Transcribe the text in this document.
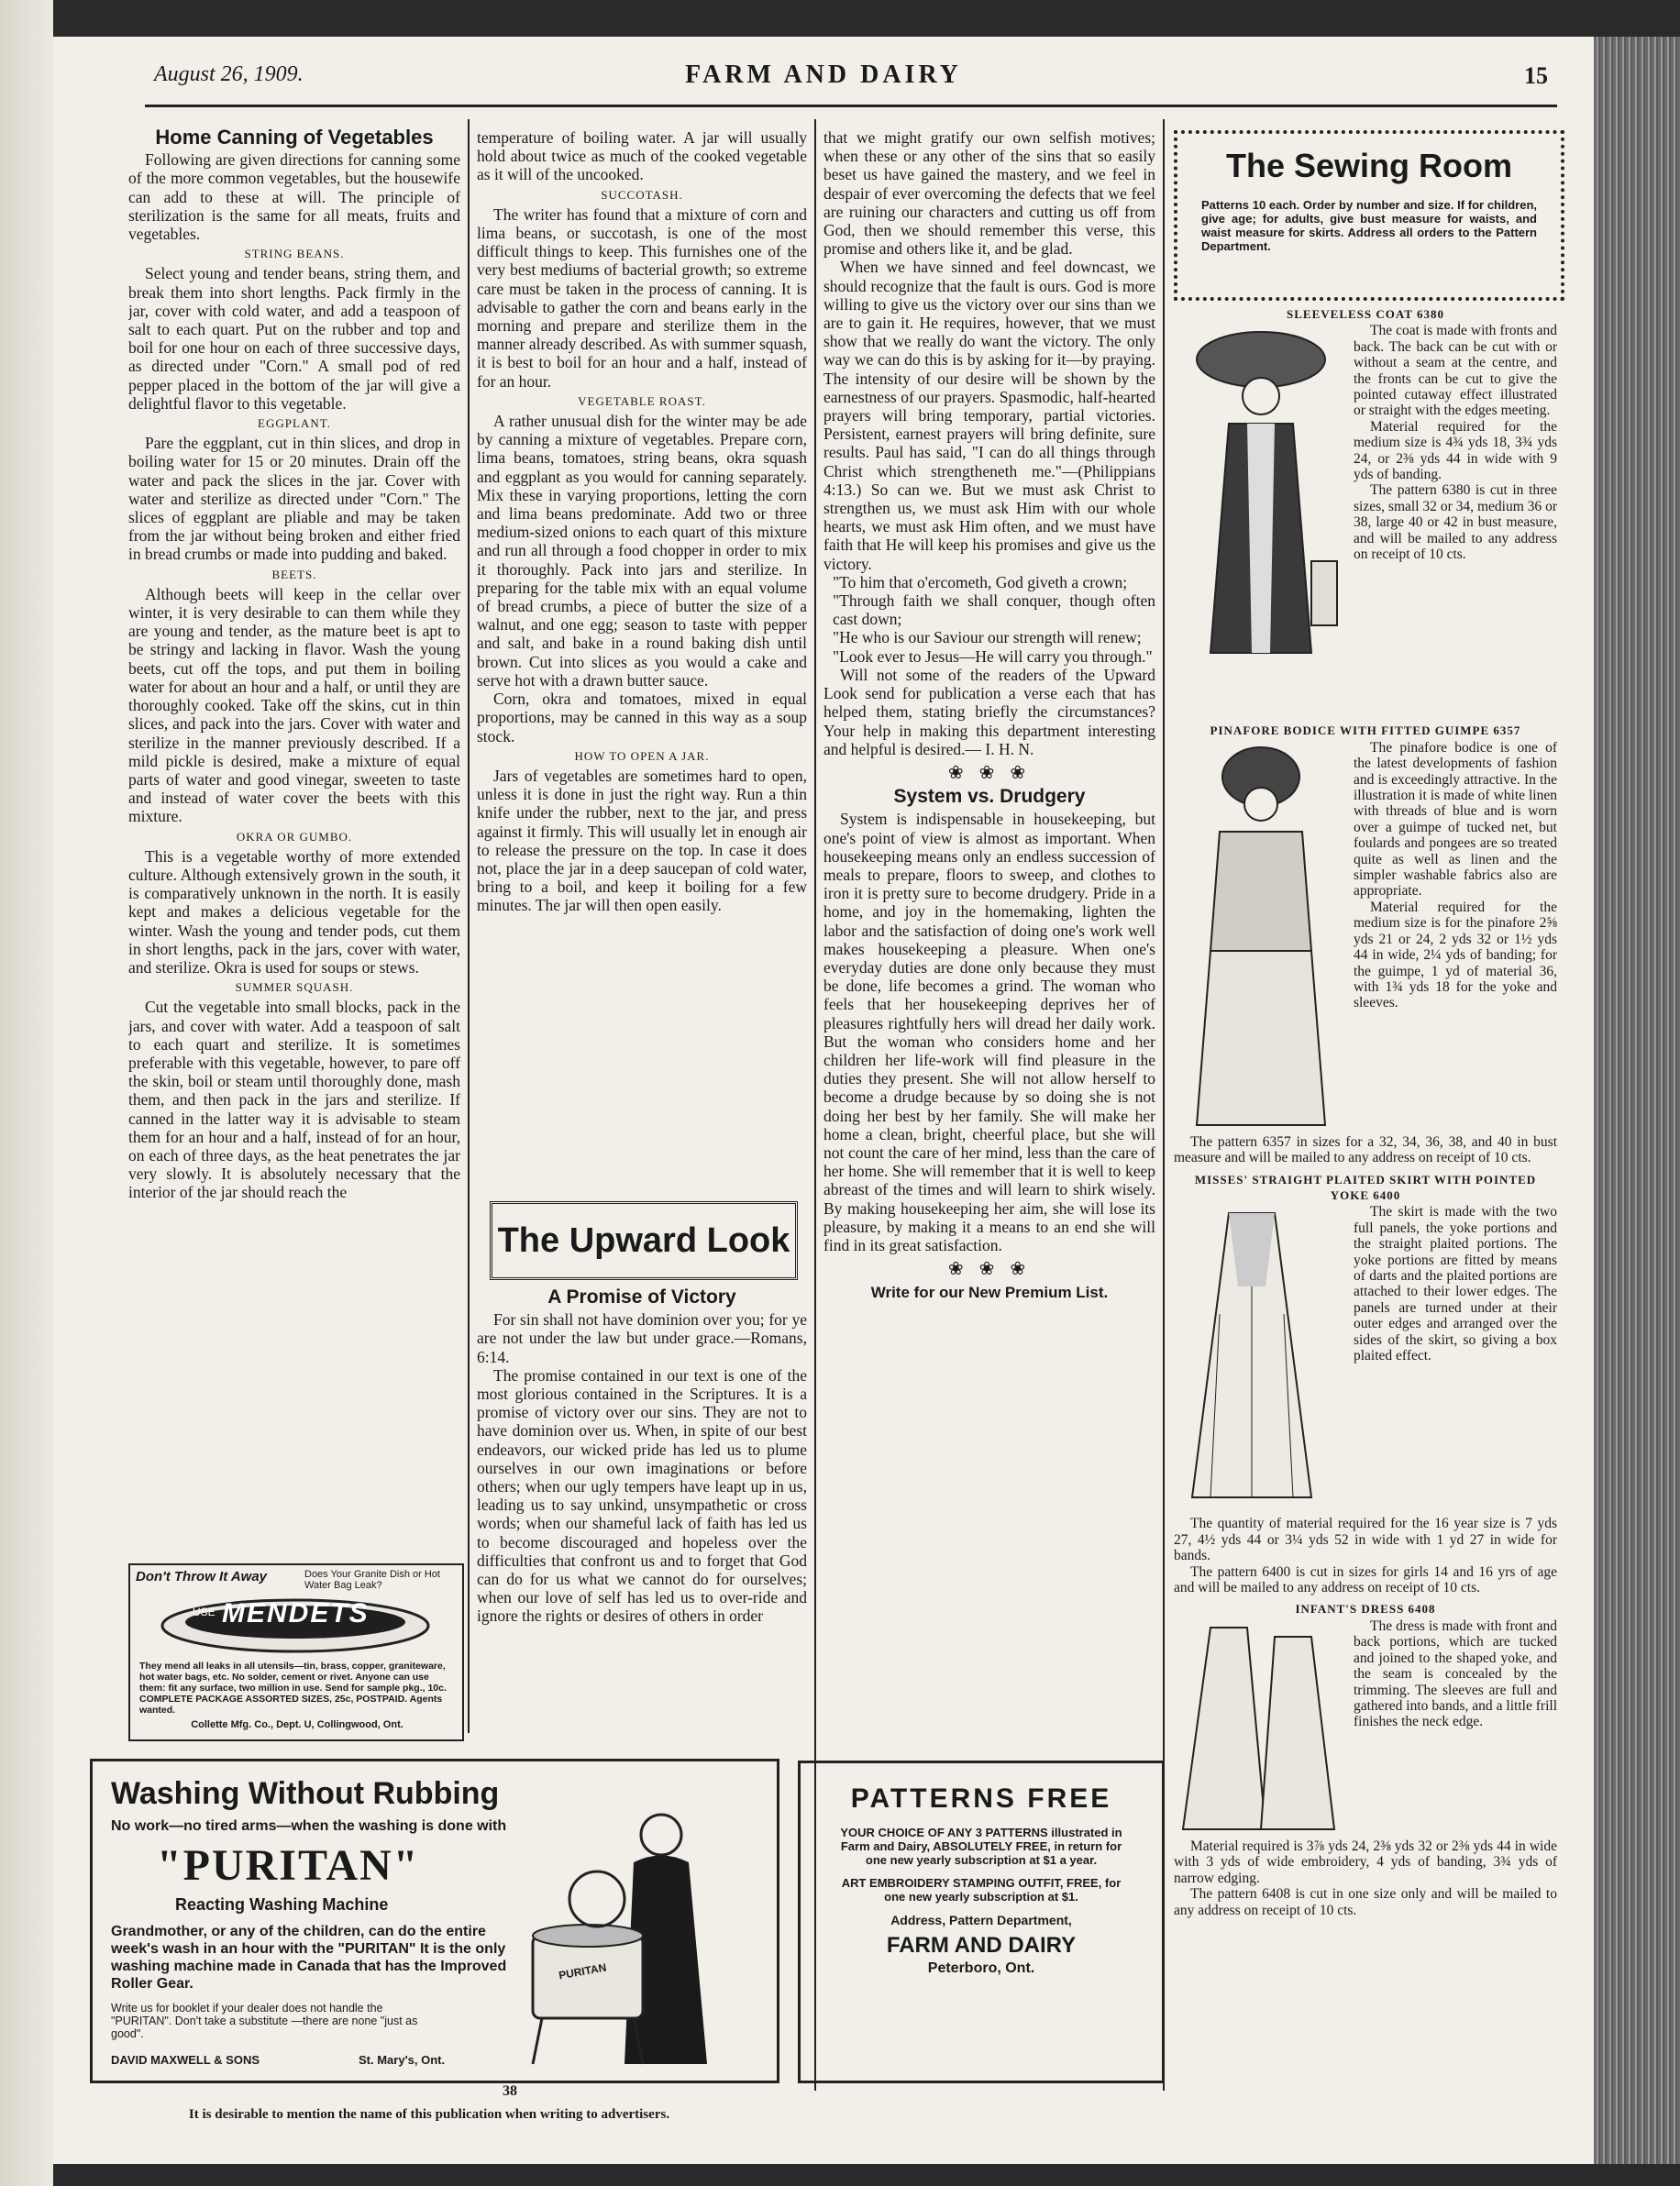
August 26, 1909.	FARM AND DAIRY	15
Home Canning of Vegetables

Following are given directions for canning some of the more common vegetables, but the housewife can add to these at will. The principle of sterilization is the same for all meats, fruits and vegetables.

STRING BEANS.

Select young and tender beans, string them, and break them into short lengths. Pack firmly in the jar, cover with cold water, and add a teaspoon of salt to each quart. Put on the rubber and top and boil for one hour on each of three successive days, as directed under "Corn." A small pod of red pepper placed in the bottom of the jar will give a delightful flavor to this vegetable.

EGGPLANT.

Pare the eggplant, cut in thin slices, and drop in boiling water for 15 or 20 minutes. Drain off the water and pack the slices in the jar. Cover with water and sterilize as directed under "Corn." The slices of eggplant are pliable and may be taken from the jar without being broken and either fried in bread crumbs or made into pudding and baked.

BEETS.

Although beets will keep in the cellar over winter, it is very desirable to can them while they are young and tender, as the mature beet is apt to be stringy and lacking in flavor. Wash the young beets, cut off the tops, and put them in boiling water for about an hour and a half, or until they are thoroughly cooked. Take off the skins, cut in thin slices, and pack into the jars. Cover with water and sterilize in the manner previously described. If a mild pickle is desired, make a mixture of equal parts of water and good vinegar, sweeten to taste and instead of water cover the beets with this mixture.

OKRA OR GUMBO.

This is a vegetable worthy of more extended culture. Although extensively grown in the south, it is comparatively unknown in the north. It is easily kept and makes a delicious vegetable for the winter. Wash the young and tender pods, cut them in short lengths, pack in the jars, cover with water, and sterilize. Okra is used for soups or stews.

SUMMER SQUASH.

Cut the vegetable into small blocks, pack in the jars, and cover with water. Add a teaspoon of salt to each quart and sterilize. It is sometimes preferable with this vegetable, however, to pare off the skin, boil or steam until thoroughly done, mash them, and then pack in the jars and sterilize. If canned in the latter way it is advisable to steam them for an hour and a half, instead of for an hour, on each of three days, as the heat penetrates the jar very slowly. It is absolutely necessary that the interior of the jar should reach the

Don't Throw It Away	Does Your Granite Dish or Hot Water Bag Leak?
USE MENDETS
They mend all leaks in all utensils—tin, brass, copper, graniteware, hot water bags, etc. No solder, cement or rivet. Anyone can use them: fit any surface, two million in use. Send for sample pkg., 10c. COMPLETE PACKAGE ASSORTED SIZES, 25c, POSTPAID. Agents wanted.
Collette Mfg. Co., Dept. U, Collingwood, Ont.

temperature of boiling water. A jar will usually hold about twice as much of the cooked vegetable as it will of the uncooked.

SUCCOTASH.

The writer has found that a mixture of corn and lima beans, or succotash, is one of the most difficult things to keep. This furnishes one of the very best mediums of bacterial growth; so extreme care must be taken in the process of canning. It is advisable to gather the corn and beans early in the morning and prepare and sterilize them in the manner already described. As with summer squash, it is best to boil for an hour and a half, instead of for an hour.

VEGETABLE ROAST.

A rather unusual dish for the winter may be ade by canning a mixture of vegetables. Prepare corn, lima beans, tomatoes, string beans, okra squash and eggplant as you would for canning separately. Mix these in varying proportions, letting the corn and lima beans predominate. Add two or three medium-sized onions to each quart of this mixture and run all through a food chopper in order to mix it thoroughly. Pack into jars and sterilize. In preparing for the table mix with an equal volume of bread crumbs, a piece of butter the size of a walnut, and one egg; season to taste with pepper and salt, and bake in a round baking dish until brown. Cut into slices as you would a cake and serve hot with a drawn butter sauce.

Corn, okra and tomatoes, mixed in equal proportions, may be canned in this way as a soup stock.

HOW TO OPEN A JAR.

Jars of vegetables are sometimes hard to open, unless it is done in just the right way. Run a thin knife under the rubber, next to the jar, and press against it firmly. This will usually let in enough air to release the pressure on the top. In case it does not, place the jar in a deep saucepan of cold water, bring to a boil, and keep it boiling for a few minutes. The jar will then open easily.

The Upward Look
A Promise of Victory

For sin shall not have dominion over you; for ye are not under the law but under grace.—Romans, 6:14.

The promise contained in our text is one of the most glorious contained in the Scriptures. It is a promise of victory over our sins. They are not to have dominion over us. When, in spite of our best endeavors, our wicked pride has led us to plume ourselves in our own imaginations or before others; when our ugly tempers have leapt up in us, leading us to say unkind, unsympathetic or cross words; when our shameful lack of faith has led us to become discouraged and hopeless over the difficulties that confront us and to forget that God can do for us what we cannot do for ourselves; when our love of self has led us to over-ride and ignore the rights or desires of others in order

that we might gratify our own selfish motives; when these or any other of the sins that so easily beset us have gained the mastery, and we feel in despair of ever overcoming the defects that we feel are ruining our characters and cutting us off from God, then we should remember this verse, this promise and others like it, and be glad.

When we have sinned and feel downcast, we should recognize that the fault is ours. God is more willing to give us the victory over our sins than we are to gain it. He requires, however, that we must show that we really do want the victory. The only way we can do this is by asking for it—by praying. The intensity of our desire will be shown by the earnestness of our prayers. Spasmodic, half-hearted prayers will bring temporary, partial victories. Persistent, earnest prayers will bring definite, sure results. Paul has said, "I can do all things through Christ which strengtheneth me."—(Philippians 4:13.) So can we. But we must ask Christ to strengthen us, we must ask Him with our whole hearts, we must ask Him often, and we must have faith that He will keep his promises and give us the victory.

"To him that o'ercometh, God giveth a crown;

"Through faith we shall conquer, though often cast down;

"He who is our Saviour our strength will renew;

"Look ever to Jesus—He will carry you through."

Will not some of the readers of the Upward Look send for publication a verse each that has helped them, stating briefly the circumstances? Your help in making this department interesting and helpful is desired.— I. H. N.

❀ ❀ ❀
System vs. Drudgery

System is indispensable in housekeeping, but one's point of view is almost as important. When housekeeping means only an endless succession of meals to prepare, floors to sweep, and clothes to iron it is pretty sure to become drudgery. Pride in a home, and joy in the homemaking, lighten the labor and the satisfaction of doing one's work well makes housekeeping a pleasure. When one's everyday duties are done only because they must be done, life becomes a grind. The woman who feels that her housekeeping deprives her of pleasures rightfully hers will dread her daily work. But the woman who considers home and her children her life-work will find pleasure in the duties they present. She will not allow herself to become a drudge because by so doing she is not doing her best by her family. She will make her home a clean, bright, cheerful place, but she will not count the care of her mind, less than the care of her home. She will remember that it is well to keep abreast of the times and will learn to shirk wisely. By making housekeeping her aim, she will lose its pleasure, by making it a means to an end she will find in its great satisfaction.

❀ ❀ ❀
Write for our New Premium List.
Washing Without Rubbing
No work—no tired arms—when the washing is done with
"PURITAN"
Reacting Washing Machine
Grandmother, or any of the children, can do the entire week's wash in an hour with the "PURITAN" It is the only washing machine made in Canada that has the Improved Roller Gear.
Write us for booklet if your dealer does not handle the "PURITAN". Don't take a substitute —there are none "just as good".
DAVID MAXWELL & SONS	St. Mary's, Ont.
PURITAN
PATTERNS FREE
YOUR CHOICE OF ANY 3 PATTERNS illustrated in Farm and Dairy, ABSOLUTELY FREE, in return for one new yearly subscription at $1 a year.
ART EMBROIDERY STAMPING OUTFIT, FREE, for one new yearly subscription at $1.
Address, Pattern Department,
FARM AND DAIRY
Peterboro, Ont.
The Sewing Room
Patterns 10 each. Order by number and size. If for children, give age; for adults, give bust measure for waists, and waist measure for skirts. Address all orders to the Pattern Department.
SLEEVELESS COAT 6380

The coat is made with fronts and back. The back can be cut with or without a seam at the centre, and the fronts can be cut to give the pointed cutaway effect illustrated or straight with the edges meeting.

Material required for the medium size is 4¾ yds 18, 3¾ yds 24, or 2⅜ yds 44 in wide with 9 yds of banding.

The pattern 6380 is cut in three sizes, small 32 or 34, medium 36 or 38, large 40 or 42 in bust measure, and will be mailed to any address on receipt of 10 cts.

PINAFORE BODICE WITH FITTED GUIMPE 6357

The pinafore bodice is one of the latest developments of fashion and is exceedingly attractive. In the illustration it is made of white linen with threads of blue and is worn over a guimpe of tucked net, but foulards and pongees are so treated quite as well as linen and the simpler washable fabrics also are appropriate.

Material required for the medium size is for the pinafore 2⅝ yds 21 or 24, 2 yds 32 or 1½ yds 44 in wide, 2¼ yds of banding; for the guimpe, 1 yd of material 36, with 1¾ yds 18 for the yoke and sleeves.

The pattern 6357 in sizes for a 32, 34, 36, 38, and 40 in bust measure and will be mailed to any address on receipt of 10 cts.

MISSES' STRAIGHT PLAITED SKIRT WITH POINTED YOKE 6400

The skirt is made with the two full panels, the yoke portions and the straight plaited portions. The yoke portions are fitted by means of darts and the plaited portions are attached to their lower edges. The panels are turned under at their outer edges and arranged over the sides of the skirt, so giving a box plaited effect.

The quantity of material required for the 16 year size is 7 yds 27, 4½ yds 44 or 3¼ yds 52 in wide with 1 yd 27 in wide for bands.

The pattern 6400 is cut in sizes for girls 14 and 16 yrs of age and will be mailed to any address on receipt of 10 cts.

INFANT'S DRESS 6408

The dress is made with front and back portions, which are tucked and joined to the shaped yoke, and the seam is concealed by the trimming. The sleeves are full and gathered into bands, and a little frill finishes the neck edge.

Material required is 3⅞ yds 24, 2⅜ yds 32 or 2⅜ yds 44 in wide with 3 yds of wide embroidery, 4 yds of banding, 3¾ yds of narrow edging.

The pattern 6408 is cut in one size only and will be mailed to any address on receipt of 10 cts.

38
It is desirable to mention the name of this publication when writing to advertisers.
